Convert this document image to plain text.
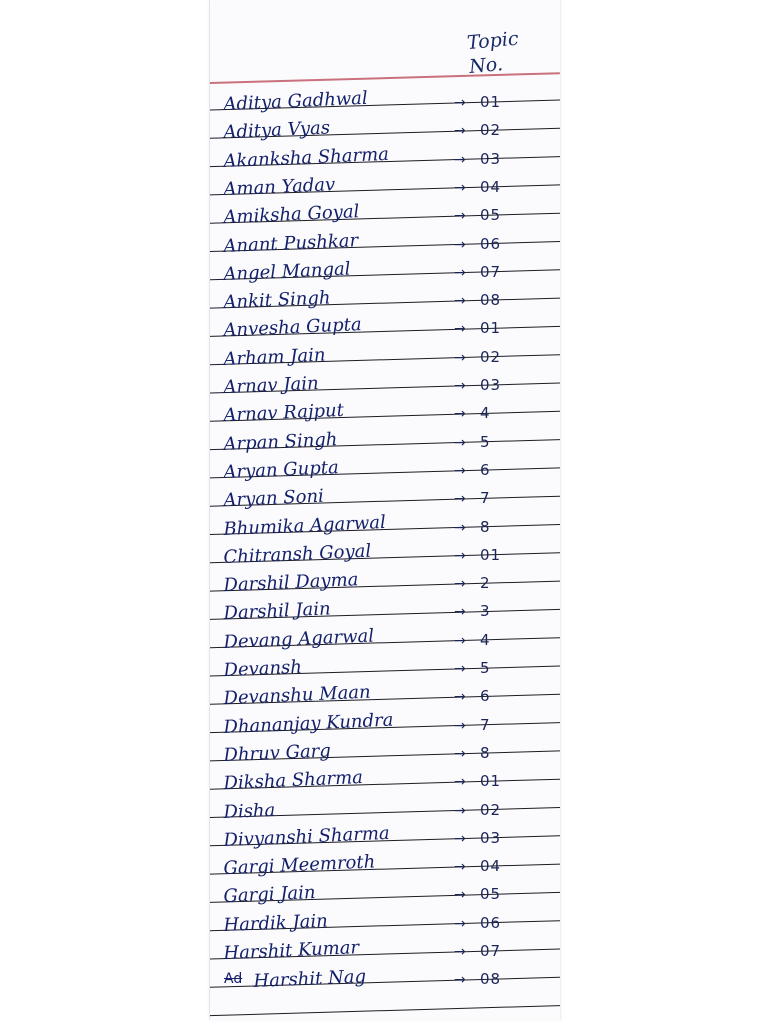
Topic
No.
Aditya Gadhwal	→ 01
Aditya Vyas	→ 02
Akanksha Sharma	→ 03
Aman Yadav	→ 04
Amiksha Goyal	→ 05
Anant Pushkar	→ 06
Angel Mangal	→ 07
Ankit Singh	→ 08
Anvesha Gupta	→ 01
Arham Jain	→ 02
Arnav Jain	→ 03
Arnav Rajput	→ 4
Arpan Singh	→ 5
Aryan Gupta	→ 6
Aryan Soni	→ 7
Bhumika Agarwal	→ 8
Chitransh Goyal	→ 01
Darshil Dayma	→ 2
Darshil Jain	→ 3
Devang Agarwal	→ 4
Devansh	→ 5
Devanshu Maan	→ 6
Dhananjay Kundra	→ 7
Dhruv Garg	→ 8
Diksha Sharma	→ 01
Disha	→ 02
Divyanshi Sharma	→ 03
Gargi Meemroth	→ 04
Gargi Jain	→ 05
Hardik Jain	→ 06
Harshit Kumar	→ 07
Ad Harshit Nag	→ 08
